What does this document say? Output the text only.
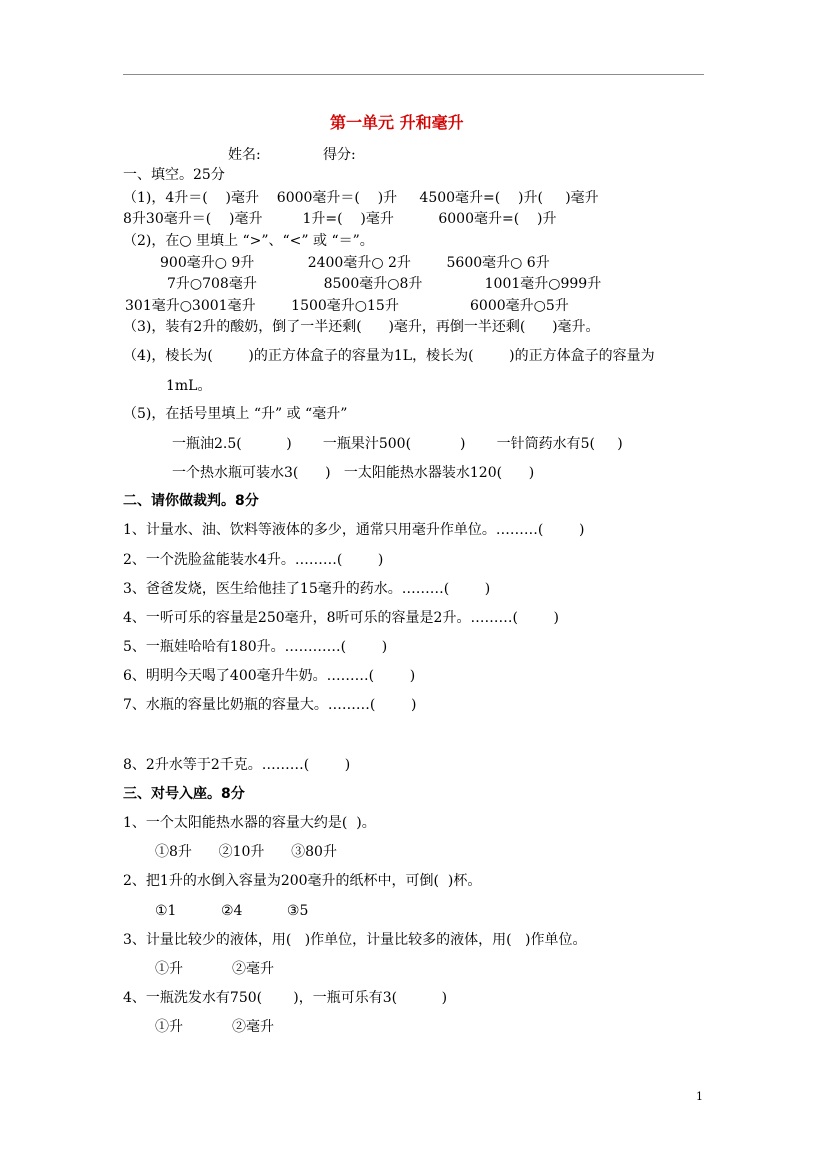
第一单元 升和毫升
姓名:              得分:
一、填空。25分
（1)，4升＝(    )毫升    6000毫升＝(    )升     4500毫升=(    )升(     )毫升
8升30毫升＝(    )毫升         1升=(    )毫升          6000毫升=(    )升
（2)，在○ 里填上 “>”、“<” 或 “＝”。
900毫升○ 9升            2400毫升○ 2升        5600毫升○ 6升
7升○708毫升               8500毫升○8升              1001毫升○999升
301毫升○3001毫升        1500毫升○15升                6000毫升○5升
（3)，装有2升的酸奶，倒了一半还剩(      )毫升，再倒一半还剩(      )毫升。
（4)，棱长为(        )的正方体盒子的容量为1L，棱长为(        )的正方体盒子的容量为
1mL。
（5)，在括号里填上 “升” 或 “毫升”
一瓶油2.5(          )       一瓶果汁500(           )       一针筒药水有5(     )
一个热水瓶可装水3(      )   一太阳能热水器装水120(      )
二、请你做裁判。8分
1、计量水、油、饮料等液体的多少，通常只用毫升作单位。………(        )
2、一个洗脸盆能装水4升。………(        )
3、爸爸发烧，医生给他挂了15毫升的药水。………(        )
4、一听可乐的容量是250毫升，8听可乐的容量是2升。………(        )
5、一瓶娃哈哈有180升。…………(        )
6、明明今天喝了400毫升牛奶。………(        )
7、水瓶的容量比奶瓶的容量大。………(        )
8、2升水等于2千克。………(        )
三、对号入座。8分
1、一个太阳能热水器的容量大约是(  )。
①8升      ②10升      ③80升
2、把1升的水倒入容量为200毫升的纸杯中，可倒(  )杯。
①1          ②4          ③5
3、计量比较少的液体，用(   )作单位，计量比较多的液体，用(   )作单位。
①升           ②毫升
4、一瓶洗发水有750(       )，一瓶可乐有3(          )
①升           ②毫升
1
